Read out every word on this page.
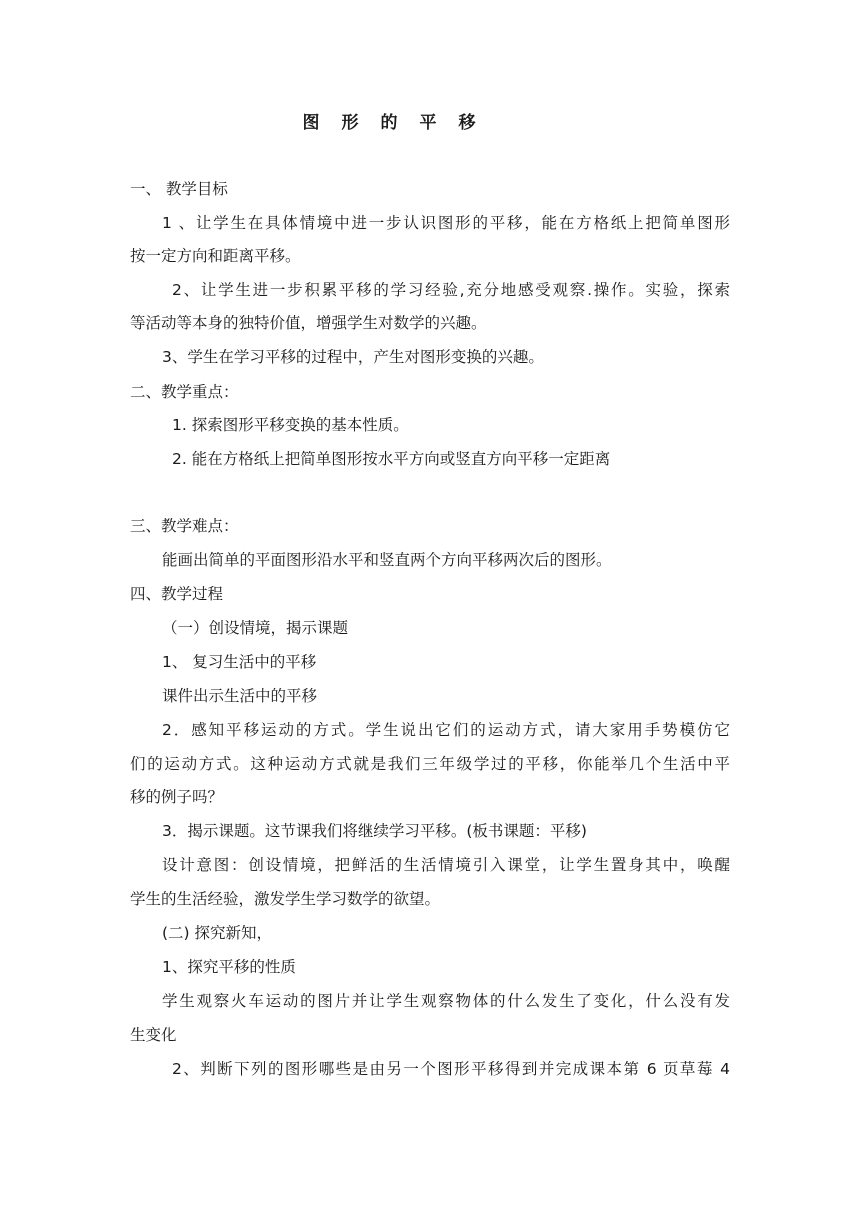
图形的平移
一、 教学目标
1 、让学生在具体情境中进一步认识图形的平移，能在方格纸上把简单图形
按一定方向和距离平移。
2、让学生进一步积累平移的学习经验,充分地感受观察.操作。实验，探索
等活动等本身的独特价值，增强学生对数学的兴趣。
3、学生在学习平移的过程中，产生对图形变换的兴趣。
二、教学重点：
1. 探索图形平移变换的基本性质。
2. 能在方格纸上把简单图形按水平方向或竖直方向平移一定距离
三、教学难点：
能画出简单的平面图形沿水平和竖直两个方向平移两次后的图形。
四、教学过程
（一）创设情境，揭示课题
1、 复习生活中的平移
课件出示生活中的平移
2．感知平移运动的方式。学生说出它们的运动方式，请大家用手势模仿它
们的运动方式。这种运动方式就是我们三年级学过的平移，你能举几个生活中平
移的例子吗？
3．揭示课题。这节课我们将继续学习平移。(板书课题：平移)
设计意图：创设情境，把鲜活的生活情境引入课堂，让学生置身其中，唤醒
学生的生活经验，激发学生学习数学的欲望。
(二) 探究新知，
1、探究平移的性质
学生观察火车运动的图片并让学生观察物体的什么发生了变化，什么没有发
生变化
2、判断下列的图形哪些是由另一个图形平移得到并完成课本第 6 页草莓 4
